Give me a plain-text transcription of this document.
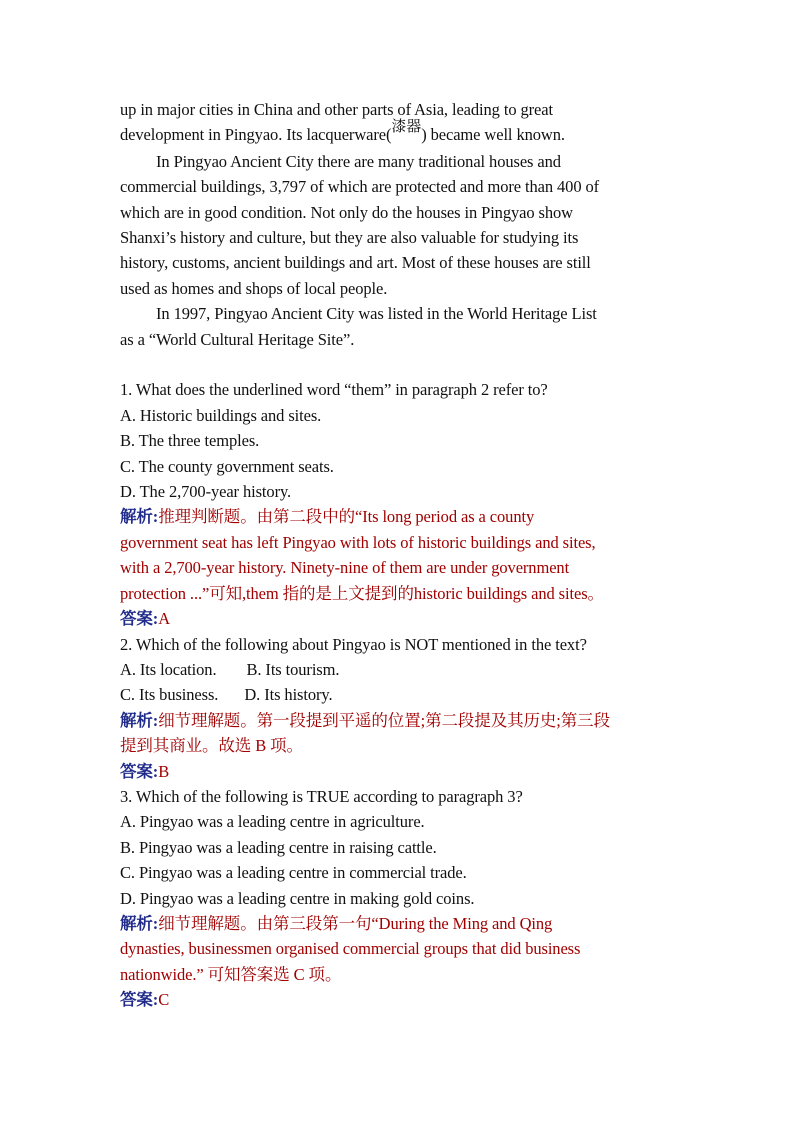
up in major cities in China and other parts of Asia, leading to great
development in Pingyao. Its lacquerware(漆器) became well known.
In Pingyao Ancient City there are many traditional houses and
commercial buildings, 3,797 of which are protected and more than 400 of
which are in good condition. Not only do the houses in Pingyao show
Shanxi’s history and culture, but they are also valuable for studying its
history, customs, ancient buildings and art. Most of these houses are still
used as homes and shops of local people.
In 1997, Pingyao Ancient City was listed in the World Heritage List
as a “World Cultural Heritage Site”.
1. What does the underlined word “them” in paragraph 2 refer to?
A. Historic buildings and sites.
B. The three temples.
C. The county government seats.
D. The 2,700-year history.
解析:推理判断题。由第二段中的“Its long period as a county
government seat has left Pingyao with lots of historic buildings and sites,
with a 2,700-year history. Ninety-nine of them are under government
protection ...”可知,them 指的是上文提到的historic buildings and sites。
答案:A
2. Which of the following about Pingyao is NOT mentioned in the text?
A. Its location. B. Its tourism.
C. Its business. D. Its history.
解析:细节理解题。第一段提到平遥的位置;第二段提及其历史;第三段
提到其商业。故选 B 项。
答案:B
3. Which of the following is TRUE according to paragraph 3?
A. Pingyao was a leading centre in agriculture.
B. Pingyao was a leading centre in raising cattle.
C. Pingyao was a leading centre in commercial trade.
D. Pingyao was a leading centre in making gold coins.
解析:细节理解题。由第三段第一句“During the Ming and Qing
dynasties, businessmen organised commercial groups that did business
nationwide.” 可知答案选 C 项。
答案:C
